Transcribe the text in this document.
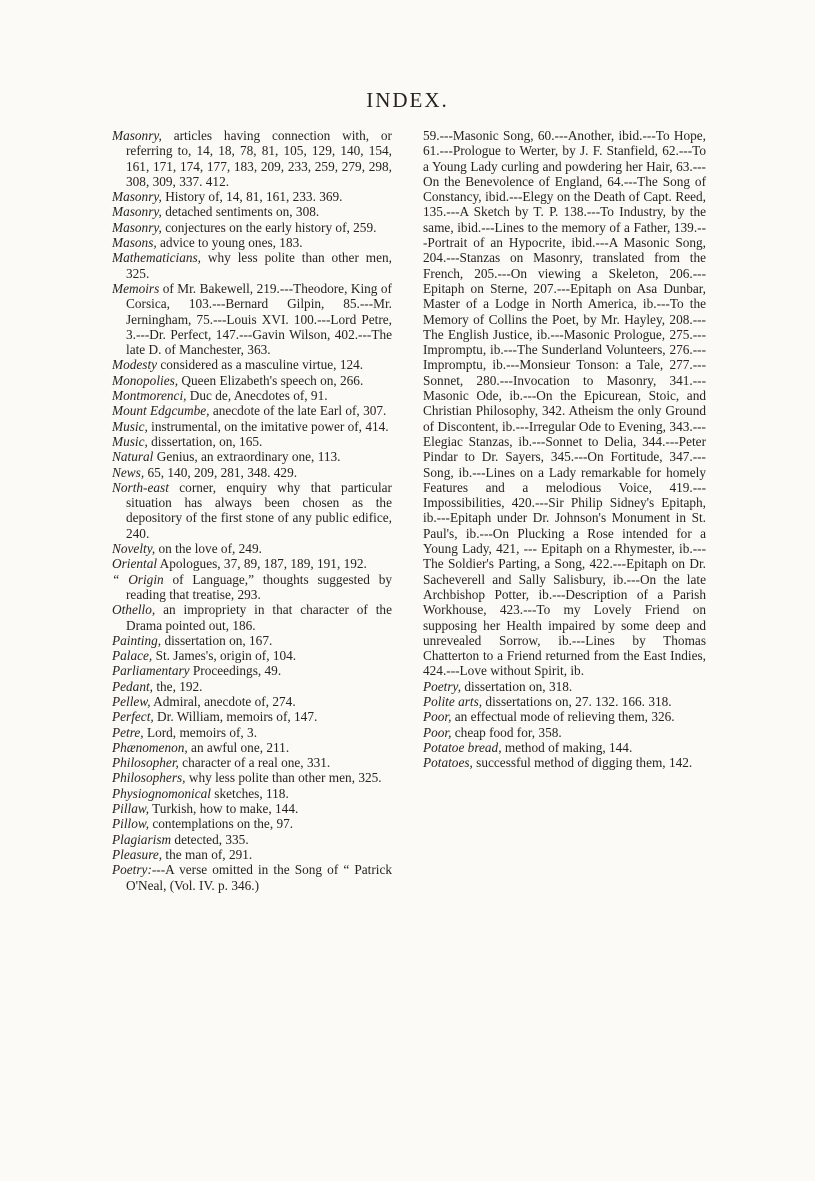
INDEX.

Masonry, articles having connection with, or referring to, 14, 18, 78, 81, 105, 129, 140, 154, 161, 171, 174, 177, 183, 209, 233, 259, 279, 298, 308, 309, 337. 412.

Masonry, History of, 14, 81, 161, 233. 369.

Masonry, detached sentiments on, 308.

Masonry, conjectures on the early history of, 259.

Masons, advice to young ones, 183.

Mathematicians, why less polite than other men, 325.

Memoirs of Mr. Bakewell, 219.---Theodore, King of Corsica, 103.---Bernard Gilpin, 85.---Mr. Jerningham, 75.---Louis XVI. 100.---Lord Petre, 3.---Dr. Perfect, 147.---Gavin Wilson, 402.---The late D. of Manchester, 363.

Modesty considered as a masculine virtue, 124.

Monopolies, Queen Elizabeth's speech on, 266.

Montmorenci, Duc de, Anecdotes of, 91.

Mount Edgcumbe, anecdote of the late Earl of, 307.

Music, instrumental, on the imitative power of, 414.

Music, dissertation, on, 165.

Natural Genius, an extraordinary one, 113.

News, 65, 140, 209, 281, 348. 429.

North-east corner, enquiry why that particular situation has always been chosen as the depository of the first stone of any public edifice, 240.

Novelty, on the love of, 249.

Oriental Apologues, 37, 89, 187, 189, 191, 192.

“ Origin of Language,” thoughts suggested by reading that treatise, 293.

Othello, an impropriety in that character of the Drama pointed out, 186.

Painting, dissertation on, 167.

Palace, St. James's, origin of, 104.

Parliamentary Proceedings, 49.

Pedant, the, 192.

Pellew, Admiral, anecdote of, 274.

Perfect, Dr. William, memoirs of, 147.

Petre, Lord, memoirs of, 3.

Phænomenon, an awful one, 211.

Philosopher, character of a real one, 331.

Philosophers, why less polite than other men, 325.

Physiognomonical sketches, 118.

Pillaw, Turkish, how to make, 144.

Pillow, contemplations on the, 97.

Plagiarism detected, 335.

Pleasure, the man of, 291.

Poetry:---A verse omitted in the Song of “ Patrick O'Neal, (Vol. IV. p. 346.)

59.---Masonic Song, 60.---Another, ibid.---To Hope, 61.---Prologue to Werter, by J. F. Stanfield, 62.---To a Young Lady curling and powdering her Hair, 63.---On the Benevolence of England, 64.---The Song of Constancy, ibid.---Elegy on the Death of Capt. Reed, 135.---A Sketch by T. P. 138.---To Industry, by the same, ibid.---Lines to the memory of a Father, 139.---Portrait of an Hypocrite, ibid.---A Masonic Song, 204.---Stanzas on Masonry, translated from the French, 205.---On viewing a Skeleton, 206.---Epitaph on Sterne, 207.---Epitaph on Asa Dunbar, Master of a Lodge in North America, ib.---To the Memory of Collins the Poet, by Mr. Hayley, 208.---The English Justice, ib.---Masonic Prologue, 275.---Impromptu, ib.---The Sunderland Volunteers, 276.---Impromptu, ib.---Monsieur Tonson: a Tale, 277.---Sonnet, 280.---Invocation to Masonry, 341.---Masonic Ode, ib.---On the Epicurean, Stoic, and Christian Philosophy, 342. Atheism the only Ground of Discontent, ib.---Irregular Ode to Evening, 343.---Elegiac Stanzas, ib.---Sonnet to Delia, 344.---Peter Pindar to Dr. Sayers, 345.---On Fortitude, 347.---Song, ib.---Lines on a Lady remarkable for homely Features and a melodious Voice, 419.---Impossibilities, 420.---Sir Philip Sidney's Epitaph, ib.---Epitaph under Dr. Johnson's Monument in St. Paul's, ib.---On Plucking a Rose intended for a Young Lady, 421, --- Epitaph on a Rhymester, ib.--- The Soldier's Parting, a Song, 422.---Epitaph on Dr. Sacheverell and Sally Salisbury, ib.---On the late Archbishop Potter, ib.---Description of a Parish Workhouse, 423.---To my Lovely Friend on supposing her Health impaired by some deep and unrevealed Sorrow, ib.---Lines by Thomas Chatterton to a Friend returned from the East Indies, 424.---Love without Spirit, ib.

Poetry, dissertation on, 318.

Polite arts, dissertations on, 27. 132. 166. 318.

Poor, an effectual mode of relieving them, 326.

Poor, cheap food for, 358.

Potatoe bread, method of making, 144.

Potatoes, successful method of digging them, 142.
